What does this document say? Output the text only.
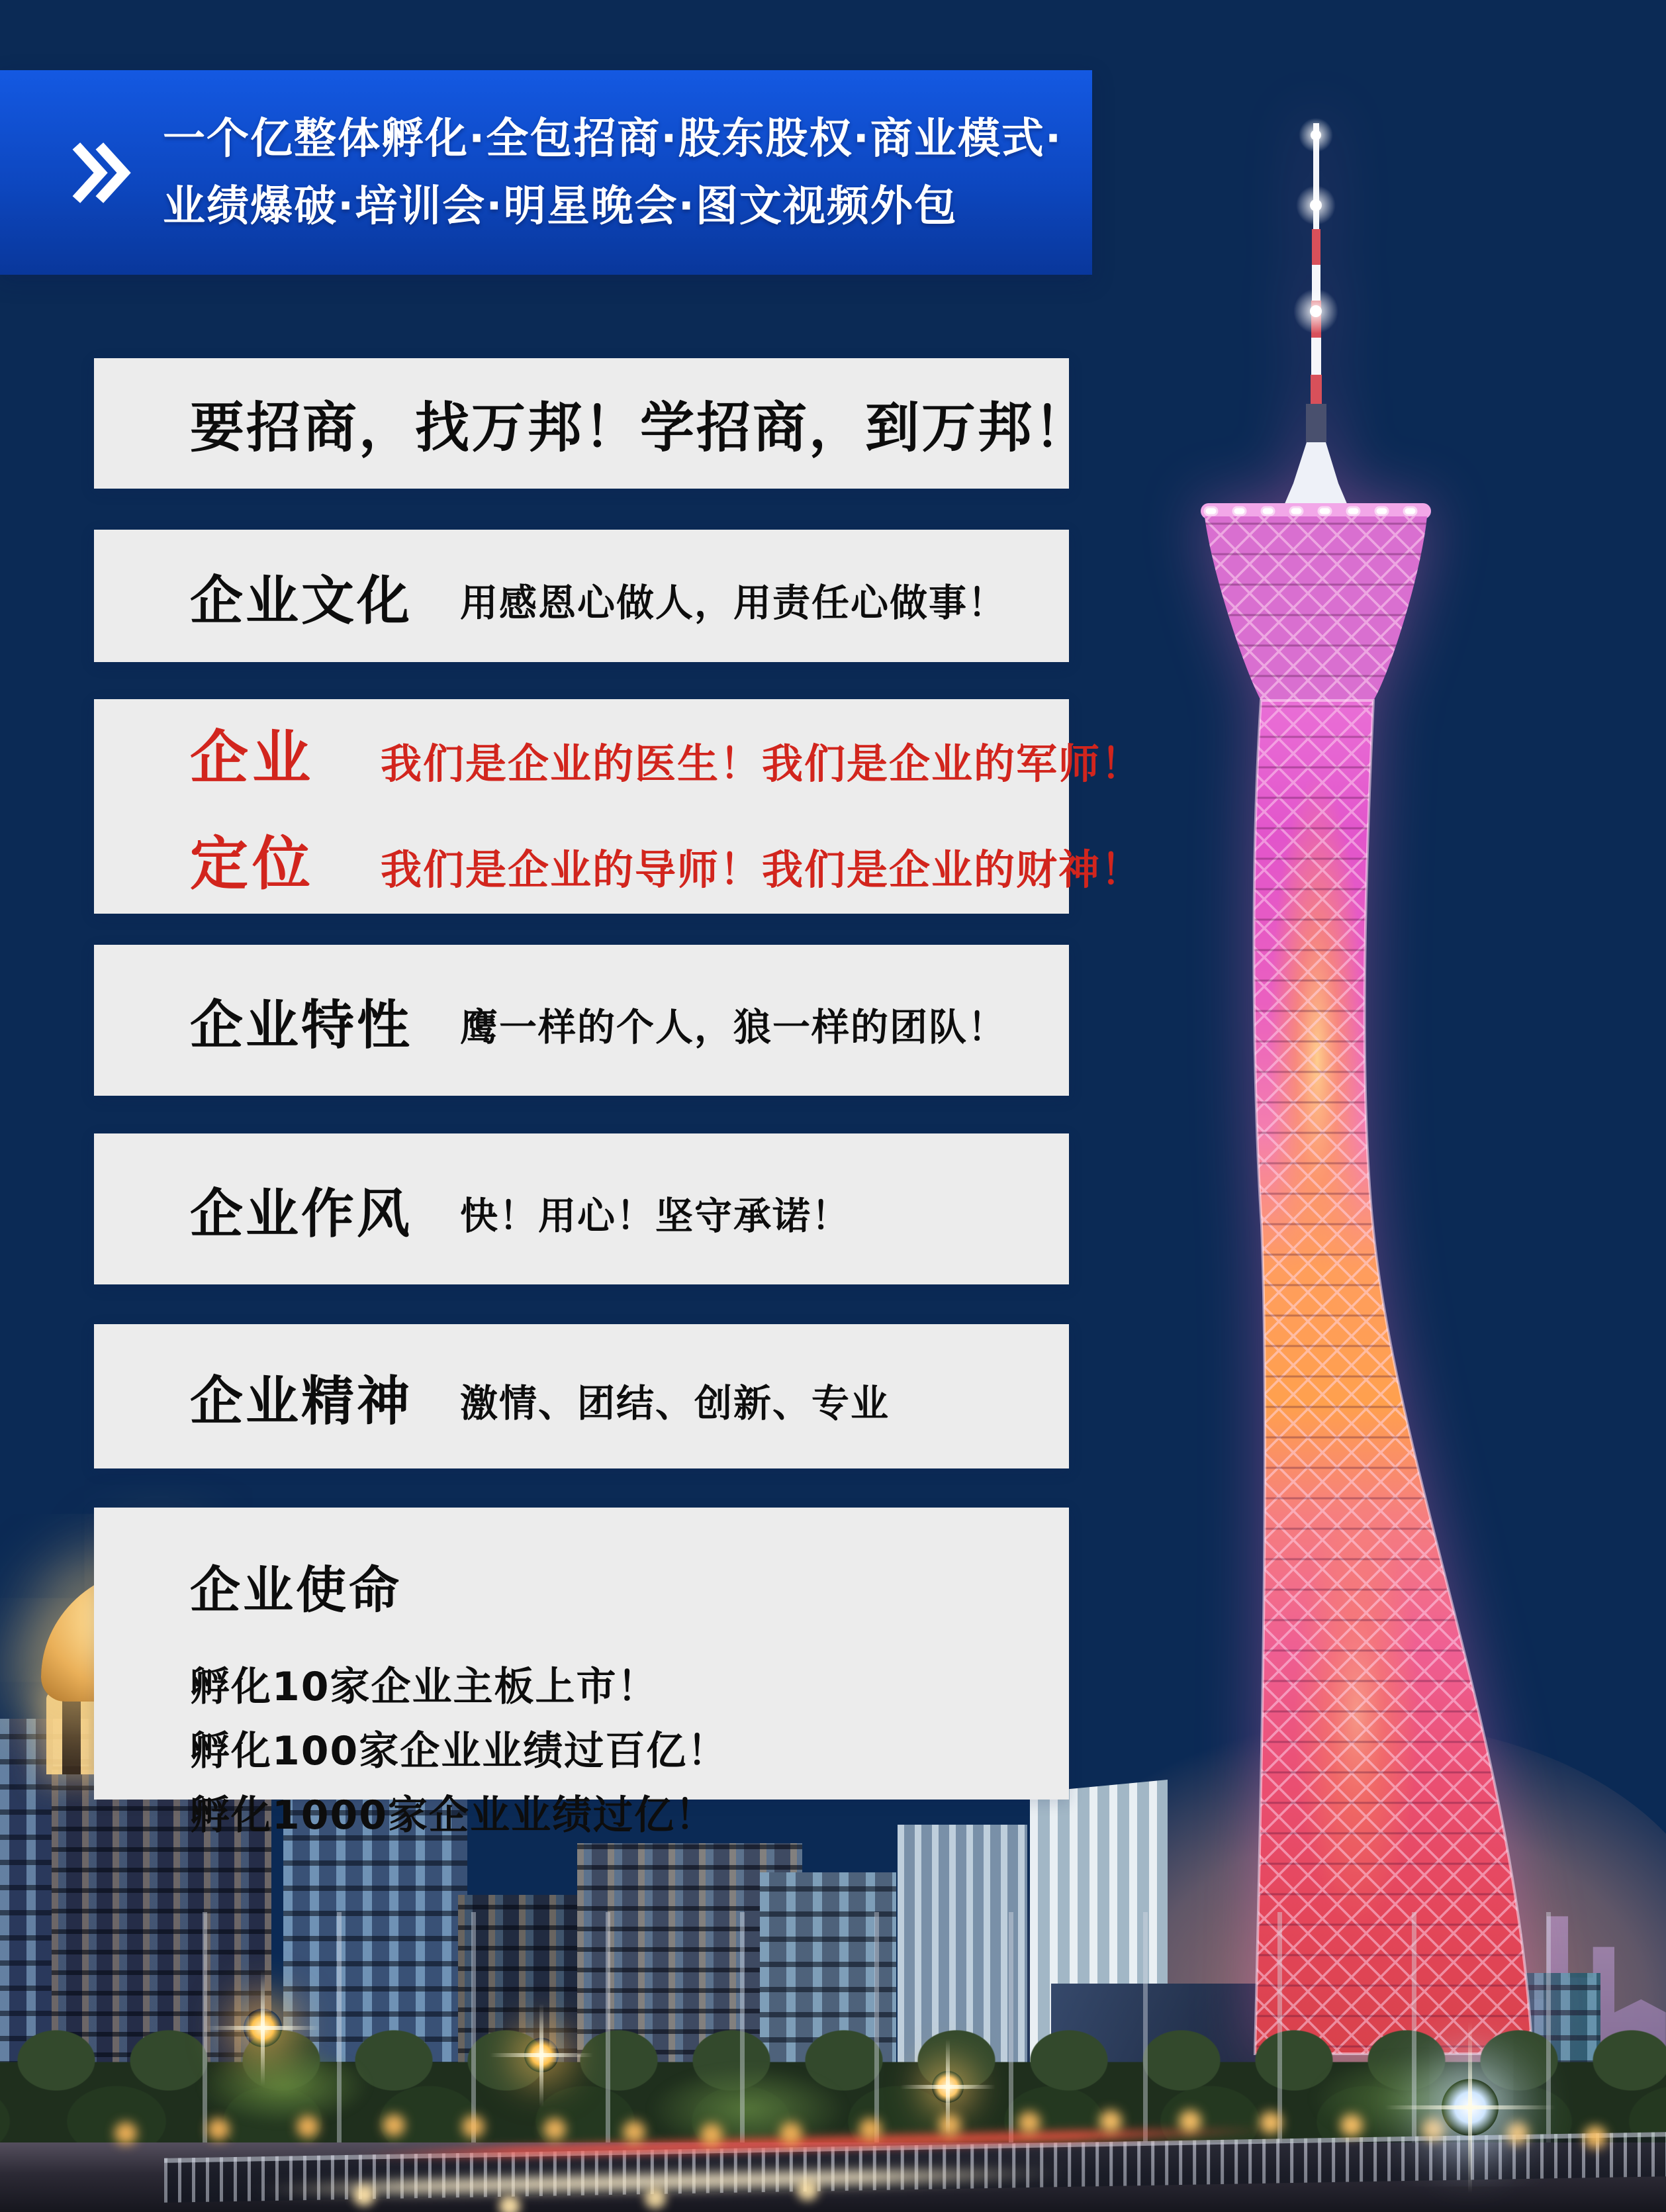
一个亿整体孵化·全包招商·股东股权·商业模式·
业绩爆破·培训会·明星晚会·图文视频外包
要招商，找万邦！学招商，到万邦！
企业文化 用感恩心做人，用责任心做事！
企业	我们是企业的医生！我们是企业的军师！
定位	我们是企业的导师！我们是企业的财神！
企业特性 鹰一样的个人，狼一样的团队！
企业作风 快！用心！坚守承诺！
企业精神 激情、团结、创新、专业
企业使命
孵化10家企业主板上市！
孵化100家企业业绩过百亿！
孵化1000家企业业绩过亿！
